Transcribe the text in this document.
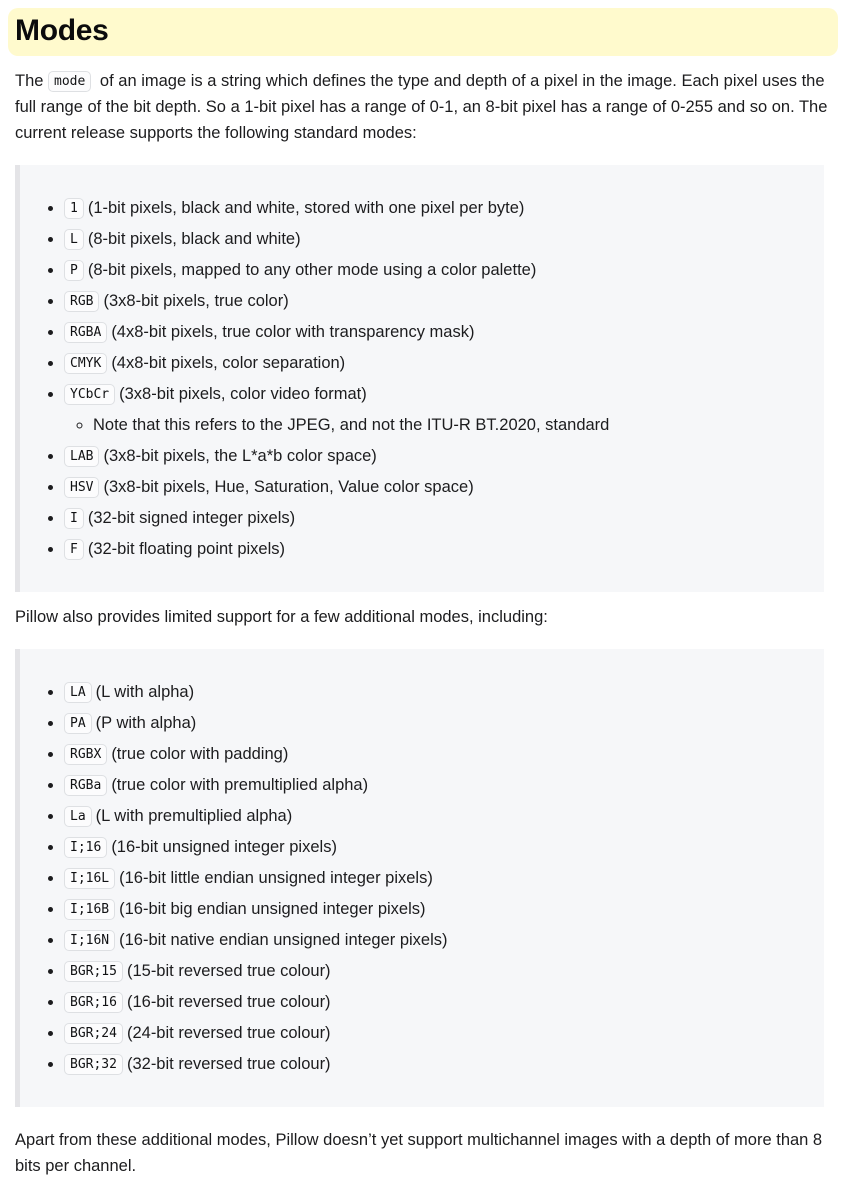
Modes

The mode of an image is a string which defines the type and depth of a pixel in the image. Each pixel uses the full range of the bit depth. So a 1-bit pixel has a range of 0-1, an 8-bit pixel has a range of 0-255 and so on. The current release supports the following standard modes:

• 1 (1-bit pixels, black and white, stored with one pixel per byte)
• L (8-bit pixels, black and white)
• P (8-bit pixels, mapped to any other mode using a color palette)
• RGB (3x8-bit pixels, true color)
• RGBA (4x8-bit pixels, true color with transparency mask)
• CMYK (4x8-bit pixels, color separation)
• YCbCr (3x8-bit pixels, color video format)
◦ Note that this refers to the JPEG, and not the ITU-R BT.2020, standard
• LAB (3x8-bit pixels, the L*a*b color space)
• HSV (3x8-bit pixels, Hue, Saturation, Value color space)
• I (32-bit signed integer pixels)
• F (32-bit floating point pixels)

Pillow also provides limited support for a few additional modes, including:

• LA (L with alpha)
• PA (P with alpha)
• RGBX (true color with padding)
• RGBa (true color with premultiplied alpha)
• La (L with premultiplied alpha)
• I;16 (16-bit unsigned integer pixels)
• I;16L (16-bit little endian unsigned integer pixels)
• I;16B (16-bit big endian unsigned integer pixels)
• I;16N (16-bit native endian unsigned integer pixels)
• BGR;15 (15-bit reversed true colour)
• BGR;16 (16-bit reversed true colour)
• BGR;24 (24-bit reversed true colour)
• BGR;32 (32-bit reversed true colour)

Apart from these additional modes, Pillow doesn’t yet support multichannel images with a depth of more than 8 bits per channel.
